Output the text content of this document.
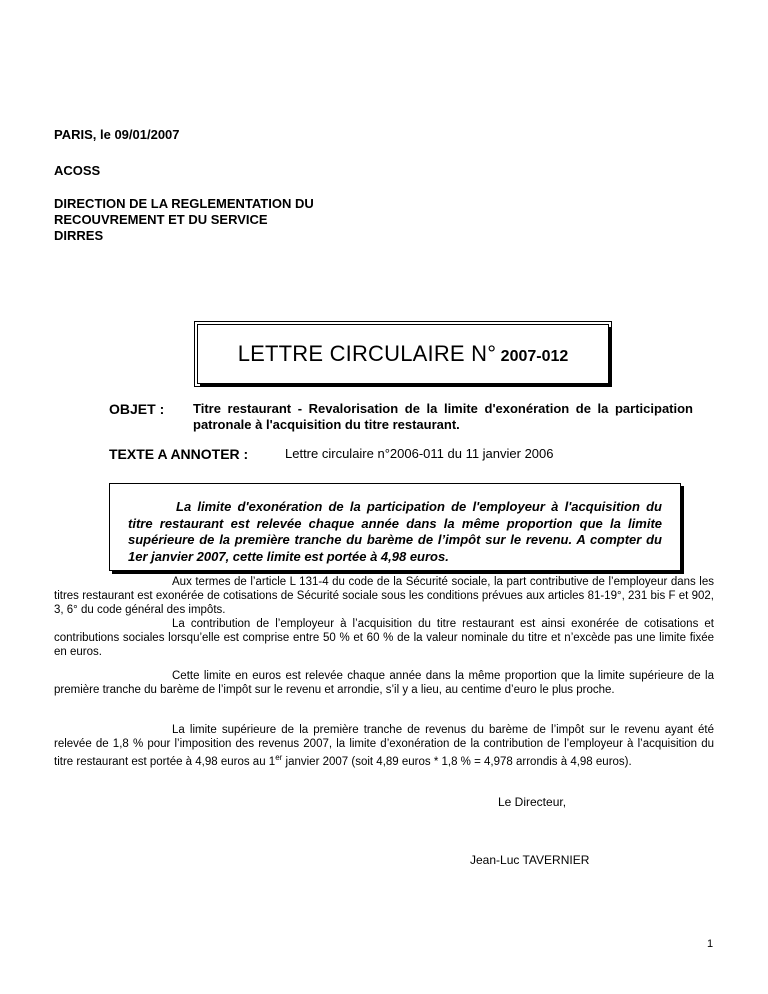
PARIS, le 09/01/2007
ACOSS
DIRECTION DE LA REGLEMENTATION DU
RECOUVREMENT ET DU SERVICE
DIRRES
LETTRE CIRCULAIRE N° 2007-012
OBJET : Titre restaurant - Revalorisation de la limite d'exonération de la participation patronale à l'acquisition du titre restaurant.
TEXTE A ANNOTER :	Lettre circulaire n°2006-011 du 11 janvier 2006

La limite d'exonération de la participation de l'employeur à l'acquisition du titre restaurant est relevée chaque année dans la même proportion que la limite supérieure de la première tranche du barème de l’impôt sur le revenu. A compter du 1er janvier 2007, cette limite est portée à 4,98 euros.

Aux termes de l’article L 131-4 du code de la Sécurité sociale, la part contributive de l’employeur dans les titres restaurant est exonérée de cotisations de Sécurité sociale sous les conditions prévues aux articles 81-19°, 231 bis F et 902, 3, 6° du code général des impôts.

La contribution de l’employeur à l’acquisition du titre restaurant est ainsi exonérée de cotisations et contributions sociales lorsqu’elle est comprise entre 50 % et 60 % de la valeur nominale du titre et n’excède pas une limite fixée en euros.

Cette limite en euros est relevée chaque année dans la même proportion que la limite supérieure de la première tranche du barème de l’impôt sur le revenu et arrondie, s’il y a lieu, au centime d’euro le plus proche.

La limite supérieure de la première tranche de revenus du barème de l’impôt sur le revenu ayant été relevée de 1,8 % pour l’imposition des revenus 2007, la limite d’exonération de la contribution de l’employeur à l’acquisition du titre restaurant est portée à 4,98 euros au 1er janvier 2007 (soit 4,89 euros * 1,8 % = 4,978 arrondis à 4,98 euros).

Le Directeur,
Jean-Luc TAVERNIER
1
